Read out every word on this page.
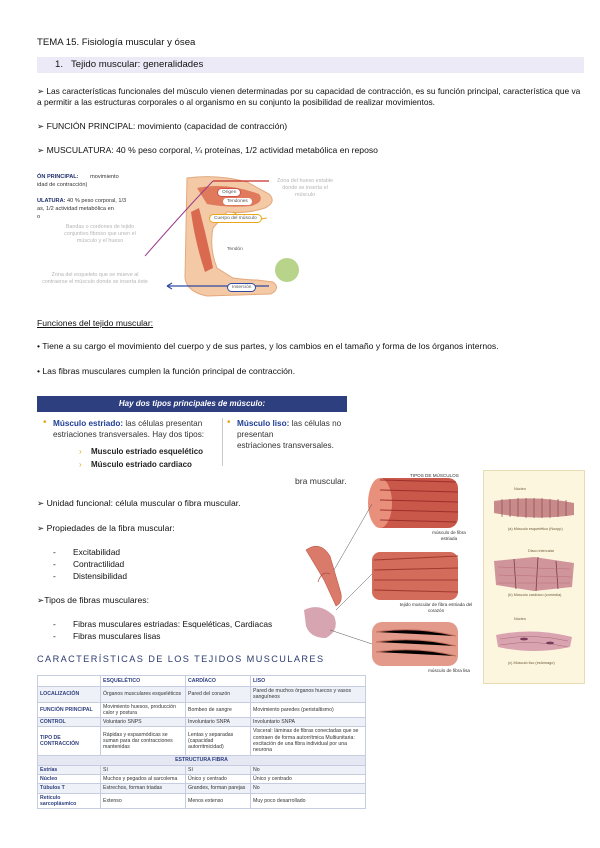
TEMA 15. Fisiología muscular y ósea
1. Tejido muscular: generalidades
➢ Las características funcionales del músculo vienen determinadas por su capacidad de contracción, es su función principal, característica que va a permitir a las estructuras corporales o al organismo en su conjunto la posibilidad de realizar movimientos.
➢ FUNCIÓN PRINCIPAL: movimiento (capacidad de contracción)
➢ MUSCULATURA: 40 % peso corporal, ¼ proteínas, 1/2 actividad metabólica en reposo
ÓN PRINCIPAL: movimiento
idad de contracción)
ULATURA: 40 % peso corporal, 1/3
as, 1/2 actividad metabólica en
o
Bandas o cordones de tejido conjuntivo fibroso que unen el músculo y el hueso
Zona del esqueleto que se mueve al contraerse el músculo donde se inserta éste
Zona del hueso estable donde se inserta el músculo
Origen
Tendones
Cuerpo del músculo
Tendón
Inserción
Funciones del tejido muscular:
• Tiene a su cargo el movimiento del cuerpo y de sus partes, y los cambios en el tamaño y forma de los órganos internos.
• Las fibras musculares cumplen la función principal de contracción.
Hay dos tipos principales de músculo:
• Músculo estriado: las células presentan
estriaciones transversales. Hay dos tipos:
› Musculo estriado esquelético
› Músculo estriado cardiaco
• Músculo liso: las células no presentan
estriaciones transversales.
bra muscular.
➢ Unidad funcional: célula muscular o fibra muscular.
➢ Propiedades de la fibra muscular:
- Excitabilidad
- Contractilidad
- Distensibilidad
➢Tipos de fibras musculares:
- Fibras musculares estriadas: Esqueléticas, Cardiacas
- Fibras musculares lisas
TIPOS DE MÚSCULOS
músculo de fibra estriada
tejido muscular de fibra estriada del corazón
músculo de fibra lisa
Núcleo
(a) Músculo esquelético (Nocpp)
Disco intercalar
(b) Músculo cardíaco (comedia)
Núcleo
(c) Músculo liso (estómago)
CARACTERÍSTICAS DE LOS TEJIDOS MUSCULARES
	ESQUELÉTICO	CARDÍACO	LISO
LOCALIZACIÓN	Órganos musculares esqueléticos	Pared del corazón	Pared de muchos órganos huecos y vasos sanguíneos
FUNCIÓN PRINCIPAL	Movimiento huesos, producción calor y postura	Bombeo de sangre	Movimiento paredes (peristaltismo)
CONTROL	Voluntario SNPS	Involuntario SNPA	Involuntario SNPA
TIPO DE CONTRACCIÓN	Rápidas y espasmódicas se suman para dar contracciones mantenidas	Lentas y separadas (capacidad autorritmicidad)	Visceral: láminas de fibras conectadas que se contraen de forma autorrítmica Multiunitaria: excitación de una fibra individual por una neurona
ESTRUCTURA FIBRA			
Estrías	Sí	Sí	No
Núcleo	Muchos y pegados al sarcolema	Único y centrado	Único y centrado
Túbulos T	Estrechos, forman triadas	Grandes, forman parejas	No
Retículo sarcoplásmico	Extenso	Menos extenso	Muy poco desarrollado
